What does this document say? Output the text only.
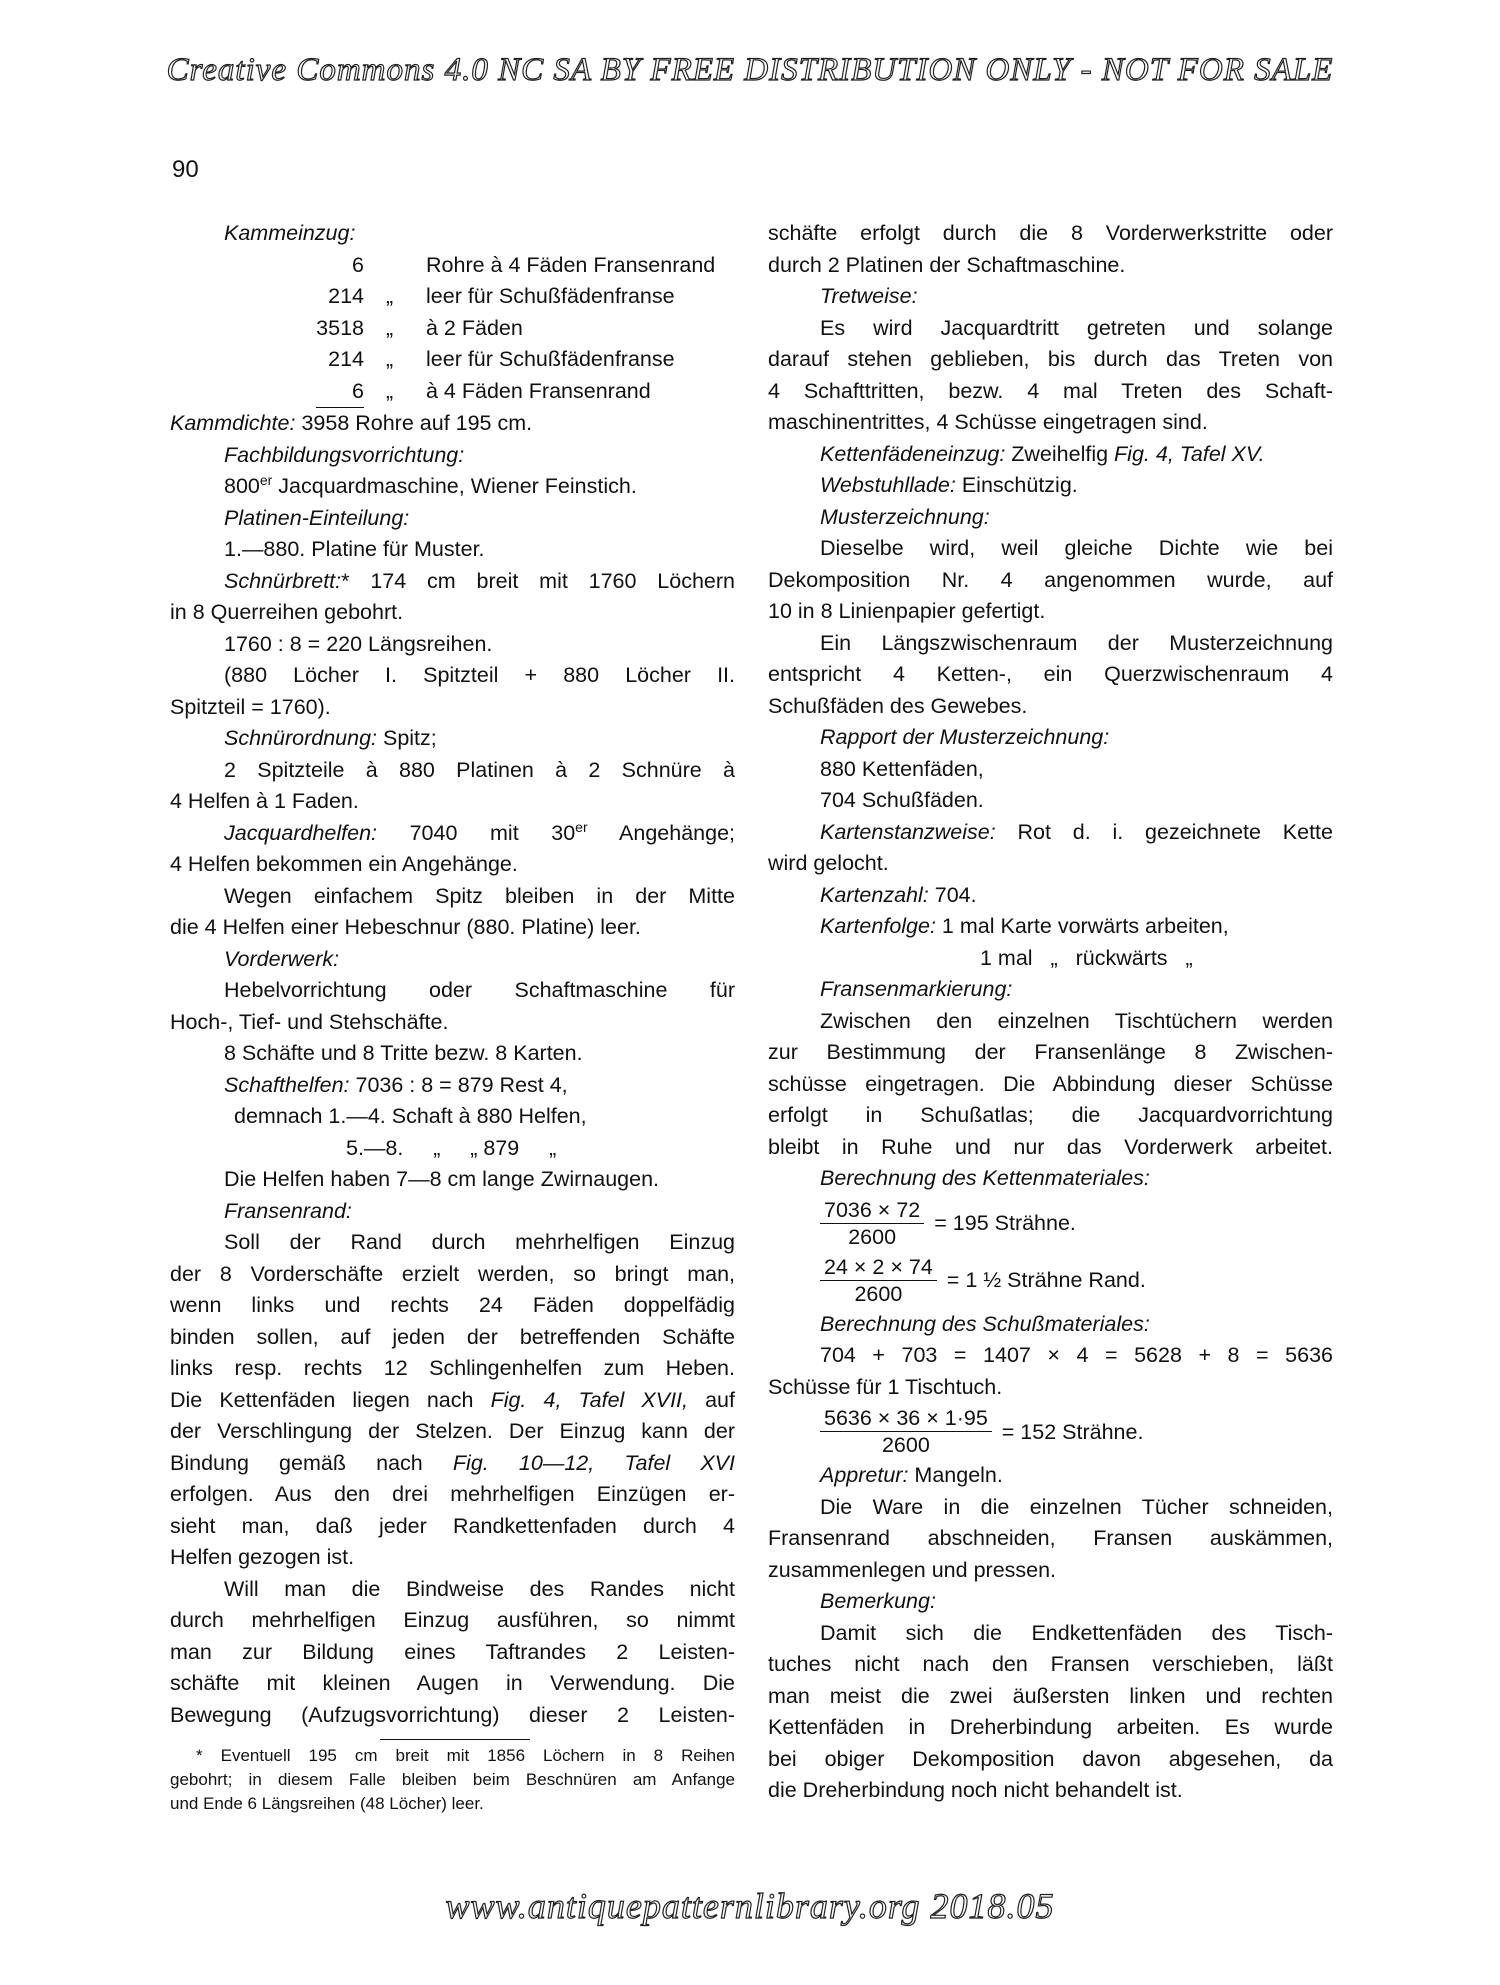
Creative Commons 4.0 NC SA BY FREE DISTRIBUTION ONLY - NOT FOR SALE
90
Kammeinzug:
6	Rohre à 4 Fäden Fransenrand
214	„	leer für Schußfädenfranse
3518	„	à 2 Fäden
214	„	leer für Schußfädenfranse
6	„	à 4 Fäden Fransenrand
Kammdichte: 3958 Rohre auf 195 cm.
Fachbildungsvorrichtung:
800er Jacquardmaschine, Wiener Feinstich.
Platinen-Einteilung:
1.—880. Platine für Muster.
Schnürbrett:* 174 cm breit mit 1760 Löchern
in 8 Querreihen gebohrt.
1760 : 8 = 220 Längsreihen.
(880 Löcher I. Spitzteil + 880 Löcher II.
Spitzteil = 1760).
Schnürordnung: Spitz;
2 Spitzteile à 880 Platinen à 2 Schnüre à
4 Helfen à 1 Faden.
Jacquardhelfen: 7040 mit 30er Angehänge;
4 Helfen bekommen ein Angehänge.
Wegen einfachem Spitz bleiben in der Mitte
die 4 Helfen einer Hebeschnur (880. Platine) leer.
Vorderwerk:
Hebelvorrichtung oder Schaftmaschine für
Hoch-, Tief- und Stehschäfte.
8 Schäfte und 8 Tritte bezw. 8 Karten.
Schafthelfen: 7036 : 8 = 879 Rest 4,
demnach 1.—4. Schaft à 880 Helfen,
5.—8.     „     „ 879     „
Die Helfen haben 7—8 cm lange Zwirnaugen.
Fransenrand:
Soll der Rand durch mehrhelfigen Einzug
der 8 Vorderschäfte erzielt werden, so bringt man,
wenn links und rechts 24 Fäden doppelfädig
binden sollen, auf jeden der betreffenden Schäfte
links resp. rechts 12 Schlingenhelfen zum Heben.
Die Kettenfäden liegen nach Fig. 4, Tafel XVII, auf
der Verschlingung der Stelzen. Der Einzug kann der
Bindung gemäß nach Fig. 10—12, Tafel XVI
erfolgen. Aus den drei mehrhelfigen Einzügen er-
sieht man, daß jeder Randkettenfaden durch 4
Helfen gezogen ist.
Will man die Bindweise des Randes nicht
durch mehrhelfigen Einzug ausführen, so nimmt
man zur Bildung eines Taftrandes 2 Leisten-
schäfte mit kleinen Augen in Verwendung. Die
Bewegung (Aufzugsvorrichtung) dieser 2 Leisten-
* Eventuell 195 cm breit mit 1856 Löchern in 8 Reihen
gebohrt; in diesem Falle bleiben beim Beschnüren am Anfange
und Ende 6 Längsreihen (48 Löcher) leer.
schäfte erfolgt durch die 8 Vorderwerkstritte oder
durch 2 Platinen der Schaftmaschine.
Tretweise:
Es wird Jacquardtritt getreten und solange
darauf stehen geblieben, bis durch das Treten von
4 Schafttritten, bezw. 4 mal Treten des Schaft-
maschinentrittes, 4 Schüsse eingetragen sind.
Kettenfädeneinzug: Zweihelfig Fig. 4, Tafel XV.
Webstuhllade: Einschützig.
Musterzeichnung:
Dieselbe wird, weil gleiche Dichte wie bei
Dekomposition Nr. 4 angenommen wurde, auf
10 in 8 Linienpapier gefertigt.
Ein Längszwischenraum der Musterzeichnung
entspricht 4 Ketten-, ein Querzwischenraum 4
Schußfäden des Gewebes.
Rapport der Musterzeichnung:
880 Kettenfäden,
704 Schußfäden.
Kartenstanzweise: Rot d. i. gezeichnete Kette
wird gelocht.
Kartenzahl: 704.
Kartenfolge: 1 mal Karte vorwärts arbeiten,
1 mal   „   rückwärts   „
Fransenmarkierung:
Zwischen den einzelnen Tischtüchern werden
zur Bestimmung der Fransenlänge 8 Zwischen-
schüsse eingetragen. Die Abbindung dieser Schüsse
erfolgt in Schußatlas; die Jacquardvorrichtung
bleibt in Ruhe und nur das Vorderwerk arbeitet.
Berechnung des Kettenmateriales:
$\frac{7036 \times 72}{2600} = 195$ Strähne.
$\frac{24 \times 2 \times 74}{2600} = 1$ ½ Strähne Rand.
Berechnung des Schußmateriales:
704 + 703 = 1407 × 4 = 5628 + 8 = 5636
Schüsse für 1 Tischtuch.
$\frac{5636 \times 36 \times 1\cdot 95}{2600} = 152$ Strähne.
Appretur: Mangeln.
Die Ware in die einzelnen Tücher schneiden,
Fransenrand abschneiden, Fransen auskämmen,
zusammenlegen und pressen.
Bemerkung:
Damit sich die Endkettenfäden des Tisch-
tuches nicht nach den Fransen verschieben, läßt
man meist die zwei äußersten linken und rechten
Kettenfäden in Dreherbindung arbeiten. Es wurde
bei obiger Dekomposition davon abgesehen, da
die Dreherbindung noch nicht behandelt ist.
www.antiquepatternlibrary.org 2018.05
